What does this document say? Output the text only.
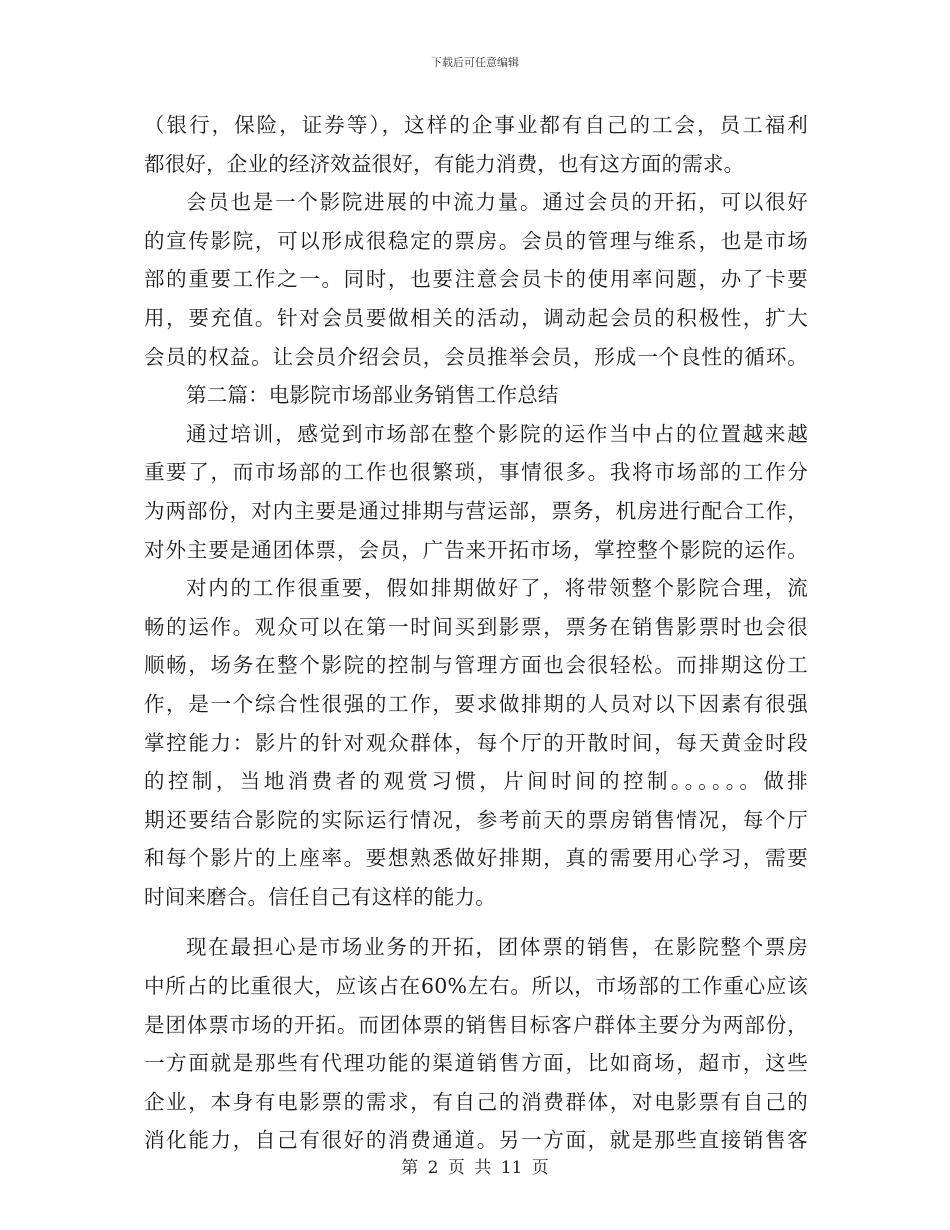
下载后可任意编辑
（银行，保险，证券等），这样的企事业都有自己的工会，员工福利
都很好，企业的经济效益很好，有能力消费，也有这方面的需求。
会员也是一个影院进展的中流力量。通过会员的开拓，可以很好
的宣传影院，可以形成很稳定的票房。会员的管理与维系，也是市场
部的重要工作之一。同时，也要注意会员卡的使用率问题，办了卡要
用，要充值。针对会员要做相关的活动，调动起会员的积极性，扩大
会员的权益。让会员介绍会员，会员推举会员，形成一个良性的循环。
第二篇：电影院市场部业务销售工作总结
通过培训，感觉到市场部在整个影院的运作当中占的位置越来越
重要了，而市场部的工作也很繁琐，事情很多。我将市场部的工作分
为两部份，对内主要是通过排期与营运部，票务，机房进行配合工作，
对外主要是通团体票，会员，广告来开拓市场，掌控整个影院的运作。
对内的工作很重要，假如排期做好了，将带领整个影院合理，流
畅的运作。观众可以在第一时间买到影票，票务在销售影票时也会很
顺畅，场务在整个影院的控制与管理方面也会很轻松。而排期这份工
作，是一个综合性很强的工作，要求做排期的人员对以下因素有很强
掌控能力：影片的针对观众群体，每个厅的开散时间，每天黄金时段
的控制，当地消费者的观赏习惯，片间时间的控制。。。。。。做排
期还要结合影院的实际运行情况，参考前天的票房销售情况，每个厅
和每个影片的上座率。要想熟悉做好排期，真的需要用心学习，需要
时间来磨合。信任自己有这样的能力。
现在最担心是市场业务的开拓，团体票的销售，在影院整个票房
中所占的比重很大，应该占在60%左右。所以，市场部的工作重心应该
是团体票市场的开拓。而团体票的销售目标客户群体主要分为两部份，
一方面就是那些有代理功能的渠道销售方面，比如商场，超市，这些
企业，本身有电影票的需求，有自己的消费群体，对电影票有自己的
消化能力，自己有很好的消费通道。另一方面，就是那些直接销售客
第 2 页 共 11 页
